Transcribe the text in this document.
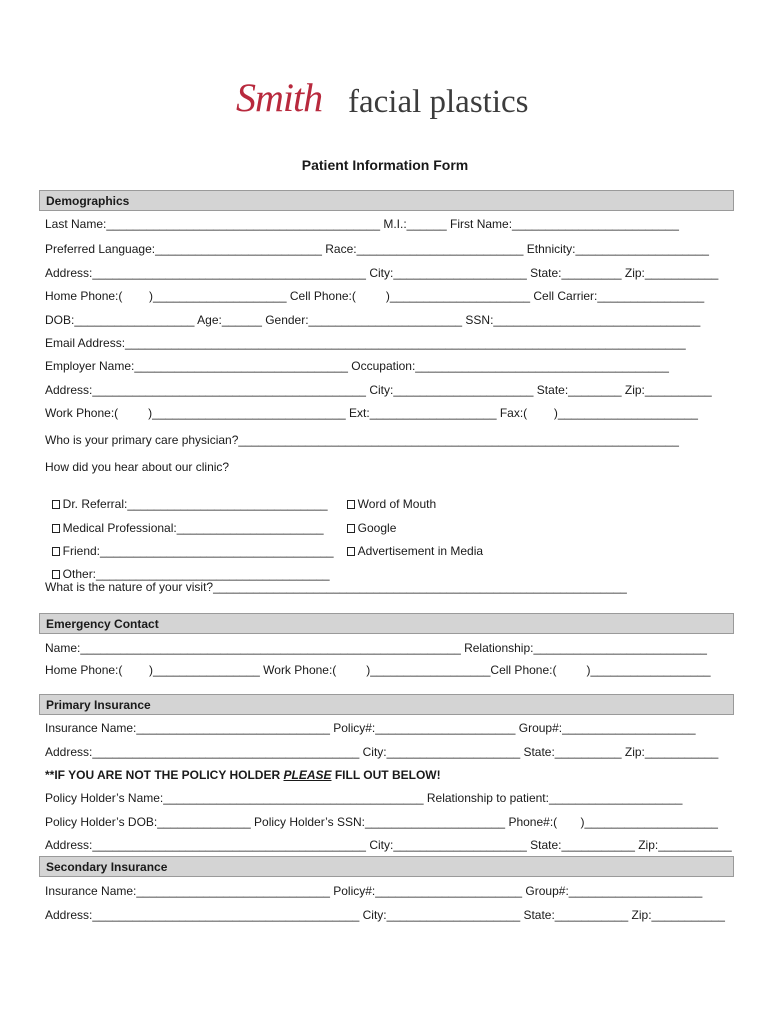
Smith facial plastics
Patient Information Form
Demographics
Last Name:_________________________________________ M.I.:______ First Name:_________________________
Preferred Language:_________________________ Race:_________________________ Ethnicity:____________________
Address:_________________________________________ City:____________________ State:_________ Zip:___________
Home Phone:(        )____________________ Cell Phone:(         )_____________________ Cell Carrier:________________
DOB:__________________ Age:______ Gender:_______________________ SSN:_______________________________
Email Address:____________________________________________________________________________________
Employer Name:________________________________ Occupation:______________________________________
Address:_________________________________________ City:_____________________ State:________ Zip:__________
Work Phone:(         )_____________________________ Ext:___________________ Fax:(        )_____________________
Who is your primary care physician?__________________________________________________________________
How did you hear about our clinic?

Dr. Referral:______________________________

Medical Professional:______________________

Friend:___________________________________

Other:___________________________________

Word of Mouth

Google

Advertisement in Media

What is the nature of your visit?______________________________________________________________
Emergency Contact
Name:_________________________________________________________ Relationship:__________________________
Home Phone:(        )________________ Work Phone:(         )__________________Cell Phone:(         )__________________
Primary Insurance
Insurance Name:_____________________________ Policy#:_____________________ Group#:____________________
Address:________________________________________ City:____________________ State:__________ Zip:___________
**IF YOU ARE NOT THE POLICY HOLDER PLEASE FILL OUT BELOW!
Policy Holder’s Name:_______________________________________ Relationship to patient:____________________
Policy Holder’s DOB:______________ Policy Holder’s SSN:_____________________ Phone#:(       )____________________
Address:_________________________________________ City:____________________ State:___________ Zip:___________
Secondary Insurance
Insurance Name:_____________________________ Policy#:______________________ Group#:____________________
Address:________________________________________ City:____________________ State:___________ Zip:___________
